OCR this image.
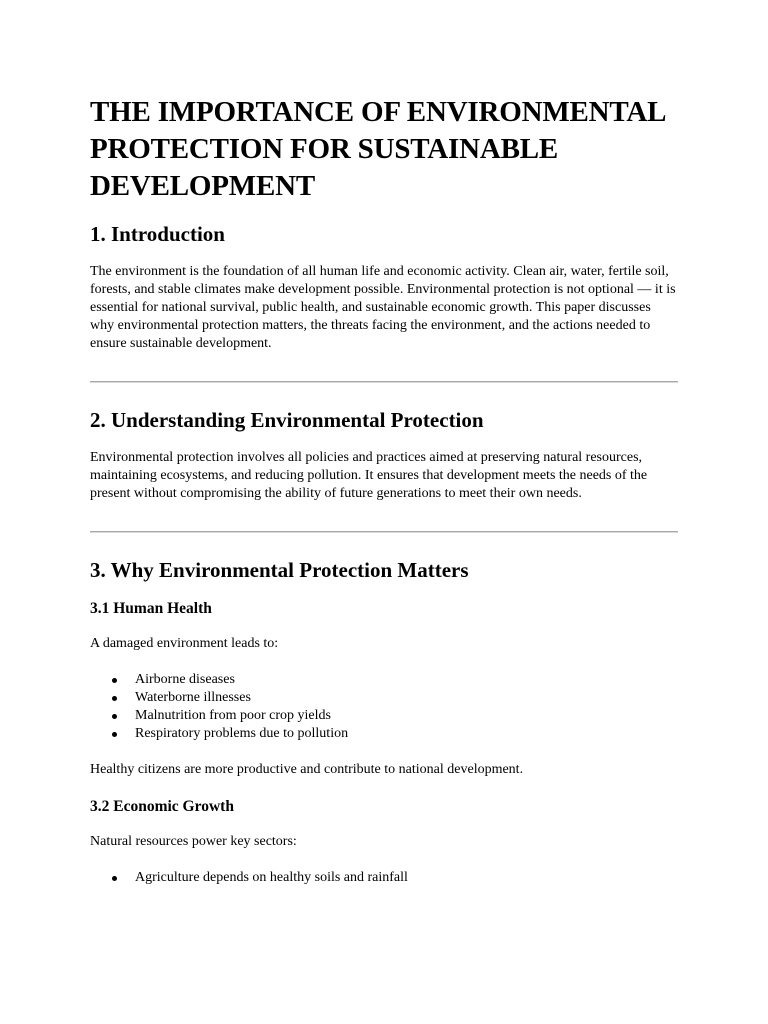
THE IMPORTANCE OF ENVIRONMENTAL PROTECTION FOR SUSTAINABLE DEVELOPMENT
1. Introduction

The environment is the foundation of all human life and economic activity. Clean air, water, fertile soil, forests, and stable climates make development possible. Environmental protection is not optional — it is essential for national survival, public health, and sustainable economic growth. This paper discusses why environmental protection matters, the threats facing the environment, and the actions needed to ensure sustainable development.

2. Understanding Environmental Protection

Environmental protection involves all policies and practices aimed at preserving natural resources, maintaining ecosystems, and reducing pollution. It ensures that development meets the needs of the present without compromising the ability of future generations to meet their own needs.

3. Why Environmental Protection Matters
3.1 Human Health

A damaged environment leads to:

Airborne diseases
Waterborne illnesses
Malnutrition from poor crop yields
Respiratory problems due to pollution

Healthy citizens are more productive and contribute to national development.

3.2 Economic Growth

Natural resources power key sectors:

Agriculture depends on healthy soils and rainfall
